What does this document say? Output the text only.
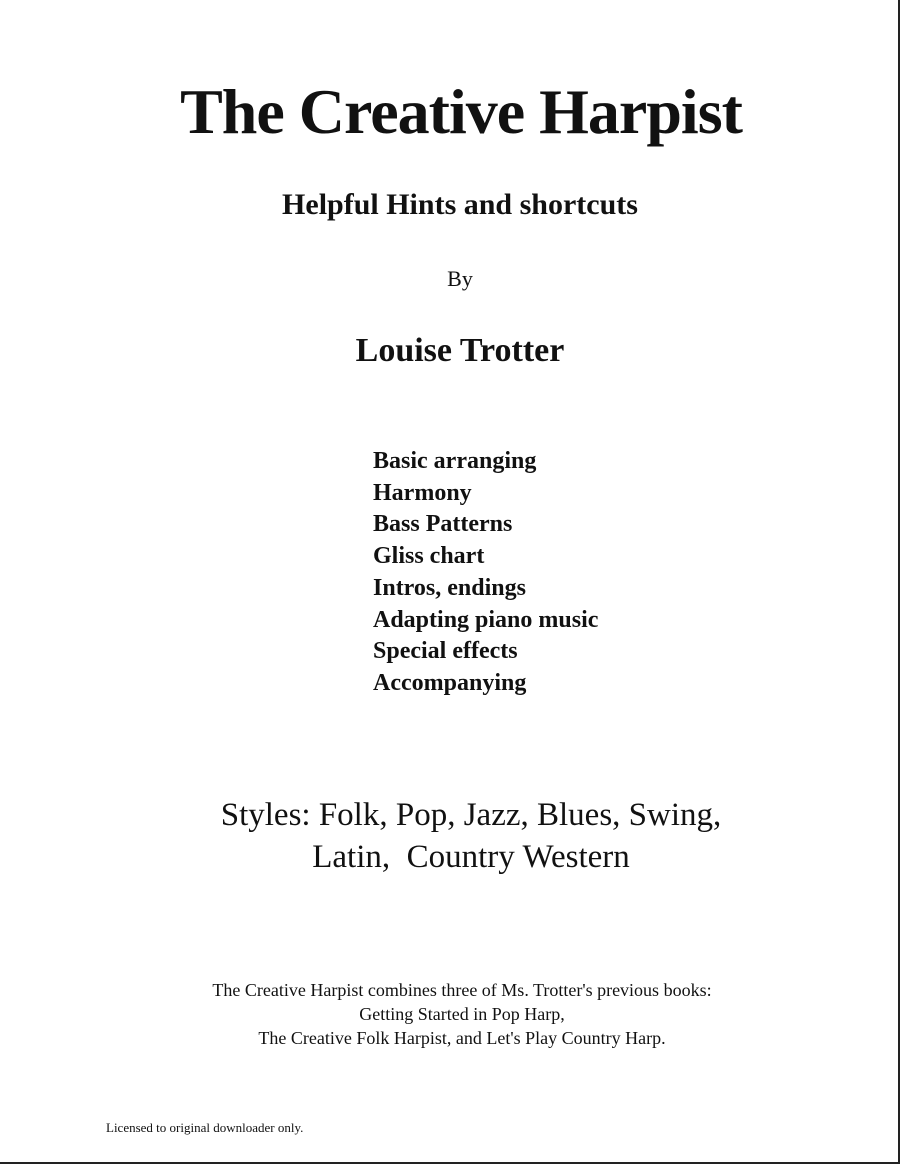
The Creative Harpist
Helpful Hints and shortcuts
By
Louise Trotter
Basic arranging
Harmony
Bass Patterns
Gliss chart
Intros, endings
Adapting piano music
Special effects
Accompanying
Styles: Folk, Pop, Jazz, Blues, Swing,
Latin,  Country Western
The Creative Harpist combines three of Ms. Trotter's previous books:
Getting Started in Pop Harp,
The Creative Folk Harpist, and Let's Play Country Harp.
Licensed to original downloader only.
